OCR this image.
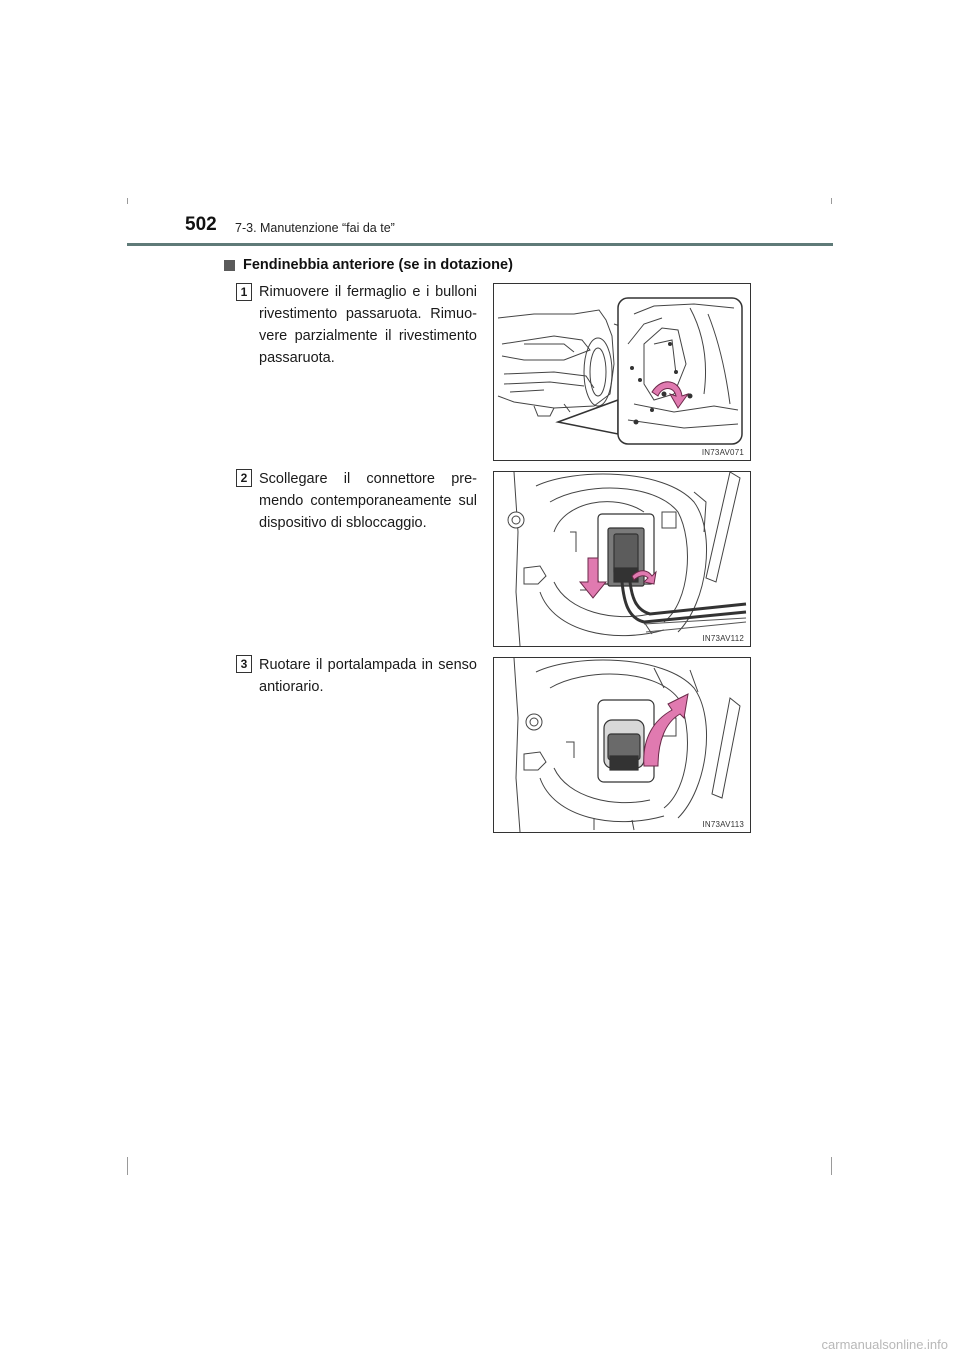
502 7-3. Manutenzione “fai da te”
Fendinebbia anteriore (se in dotazione)
1 Rimuovere il fermaglio e i bulloni rivestimento passaruota. Rimuovere parzialmente il rivestimento passaruota.
IN73AV071
2 Scollegare il connettore premendo contemporaneamente sul dispositivo di sbloccaggio.
IN73AV112
3 Ruotare il portalampada in senso antiorario.
IN73AV113
carmanualsonline.info
